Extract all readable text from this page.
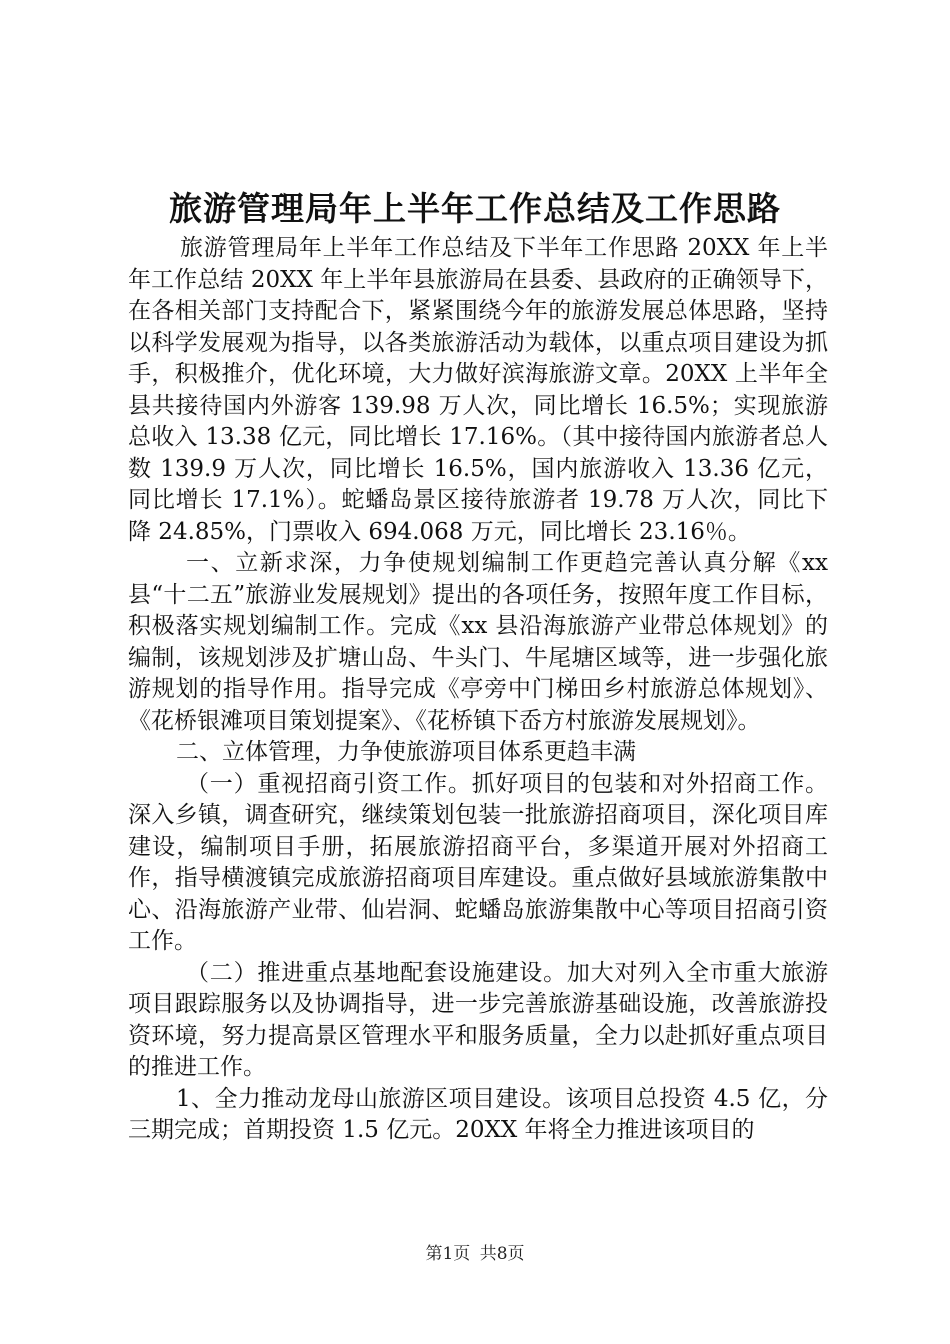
旅游管理局年上半年工作总结及工作思路

旅游管理局年上半年工作总结及下半年工作思路 20XX 年上半年工作总结 20XX 年上半年县旅游局在县委、县政府的正确领导下，在各相关部门支持配合下，紧紧围绕今年的旅游发展总体思路，坚持以科学发展观为指导，以各类旅游活动为载体，以重点项目建设为抓手，积极推介，优化环境，大力做好滨海旅游文章。20XX 上半年全县共接待国内外游客 139.98 万人次，同比增长 16.5%；实现旅游总收入 13.38 亿元，同比增长 17.16%。（其中接待国内旅游者总人数 139.9 万人次，同比增长 16.5%，国内旅游收入 13.36 亿元，同比增长 17.1%）。蛇蟠岛景区接待旅游者 19.78 万人次，同比下降 24.85%，门票收入 694.068 万元，同比增长 23.16％。

一、立新求深，力争使规划编制工作更趋完善认真分解《xx 县“十二五”旅游业发展规划》提出的各项任务，按照年度工作目标，积极落实规划编制工作。完成《xx 县沿海旅游产业带总体规划》的编制，该规划涉及扩塘山岛、牛头门、牛尾塘区域等，进一步强化旅游规划的指导作用。指导完成《亭旁中门梯田乡村旅游总体规划》、《花桥银滩项目策划提案》、《花桥镇下岙方村旅游发展规划》。

二、立体管理，力争使旅游项目体系更趋丰满

（一）重视招商引资工作。抓好项目的包装和对外招商工作。深入乡镇，调查研究，继续策划包装一批旅游招商项目，深化项目库建设，编制项目手册，拓展旅游招商平台，多渠道开展对外招商工作，指导横渡镇完成旅游招商项目库建设。重点做好县域旅游集散中心、沿海旅游产业带、仙岩洞、蛇蟠岛旅游集散中心等项目招商引资工作。

（二）推进重点基地配套设施建设。加大对列入全市重大旅游项目跟踪服务以及协调指导，进一步完善旅游基础设施，改善旅游投资环境，努力提高景区管理水平和服务质量，全力以赴抓好重点项目的推进工作。

1、全力推动龙母山旅游区项目建设。该项目总投资 4.5 亿，分三期完成；首期投资 1.5 亿元。20XX 年将全力推进该项目的

第1页 共8页
